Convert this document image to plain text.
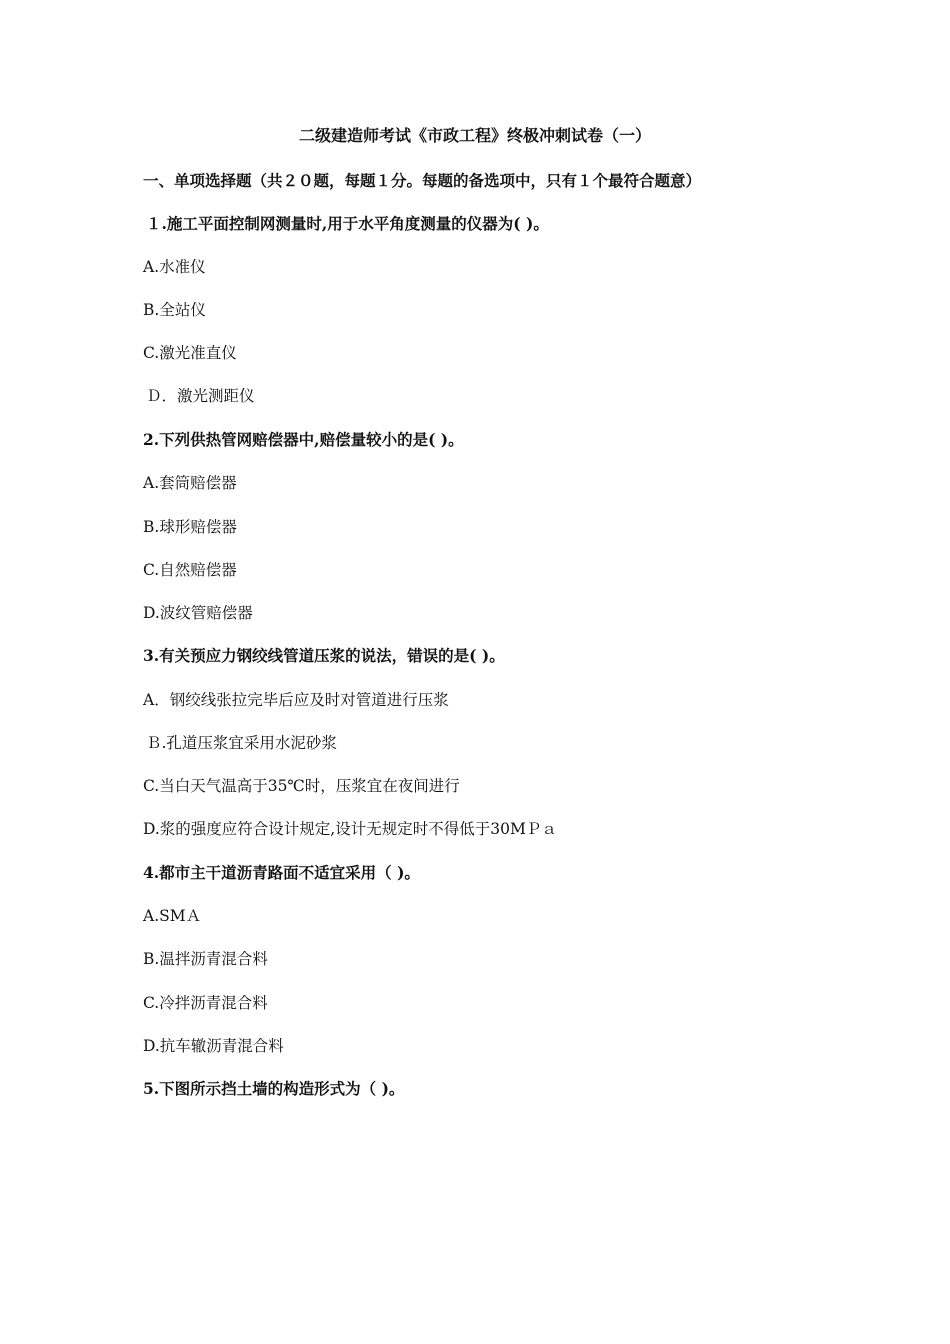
二级建造师考试《市政工程》终极冲刺试卷（一）
一、单项选择题（共２０题，每题１分。每题的备选项中，只有１个最符合题意）
１.施工平面控制网测量时,用于水平角度测量的仪器为( )。
A.水准仪
B.全站仪
C.激光准直仪
Ｄ．激光测距仪
2.下列供热管网赔偿器中,赔偿量较小的是( )。
A.套筒赔偿器
B.球形赔偿器
C.自然赔偿器
D.波纹管赔偿器
3.有关预应力钢绞线管道压浆的说法，错误的是( )。
A．钢绞线张拉完毕后应及时对管道进行压浆
Ｂ.孔道压浆宜采用水泥砂浆
C.当白天气温高于35℃时，压浆宜在夜间进行
D.浆的强度应符合设计规定,设计无规定时不得低于30MＰａ
4.都市主干道沥青路面不适宜采用（ )。
A.SMＡ
B.温拌沥青混合料
C.冷拌沥青混合料
D.抗车辙沥青混合料
5.下图所示挡土墙的构造形式为（ )。
